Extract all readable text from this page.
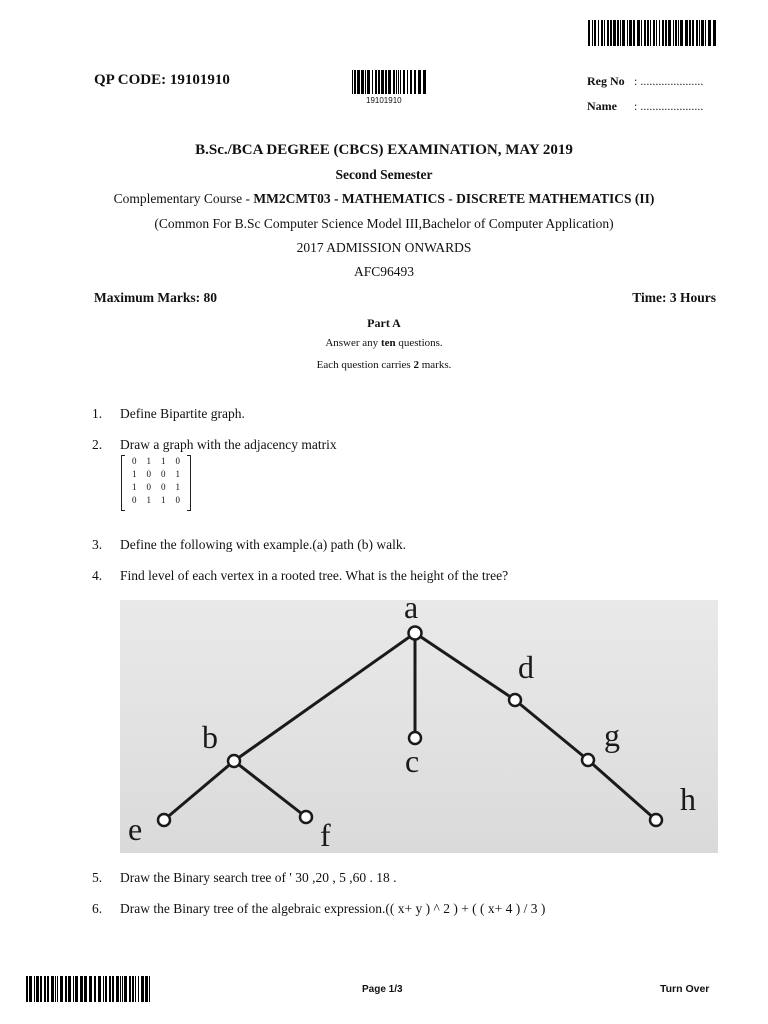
QP CODE: 19101910
19101910
Reg No : .....................
Name : .....................
B.Sc./BCA DEGREE (CBCS) EXAMINATION, MAY 2019
Second Semester
Complementary Course - MM2CMT03 - MATHEMATICS - DISCRETE MATHEMATICS (II)
(Common For B.Sc Computer Science Model III,Bachelor of Computer Application)
2017 ADMISSION ONWARDS
AFC96493
Maximum Marks: 80	Time: 3 Hours
Part A
Answer any ten questions.
Each question carries 2 marks.
1. Define Bipartite graph.
2. Draw a graph with the adjacency matrix
0 1 1 0
1 0 0 1
1 0 0 1
0 1 1 0
3. Define the following with example.(a) path (b) walk.
4. Find level of each vertex in a rooted tree. What is the height of the tree?
a
b
c
d
e	f
g
h
5. Draw the Binary search tree of ' 30 ,20 , 5 ,60 . 18 .
6. Draw the Binary tree of the algebraic expression.(( x+ y ) ^ 2 ) + ( ( x+ 4 ) / 3 )
Page 1/3	Turn Over
